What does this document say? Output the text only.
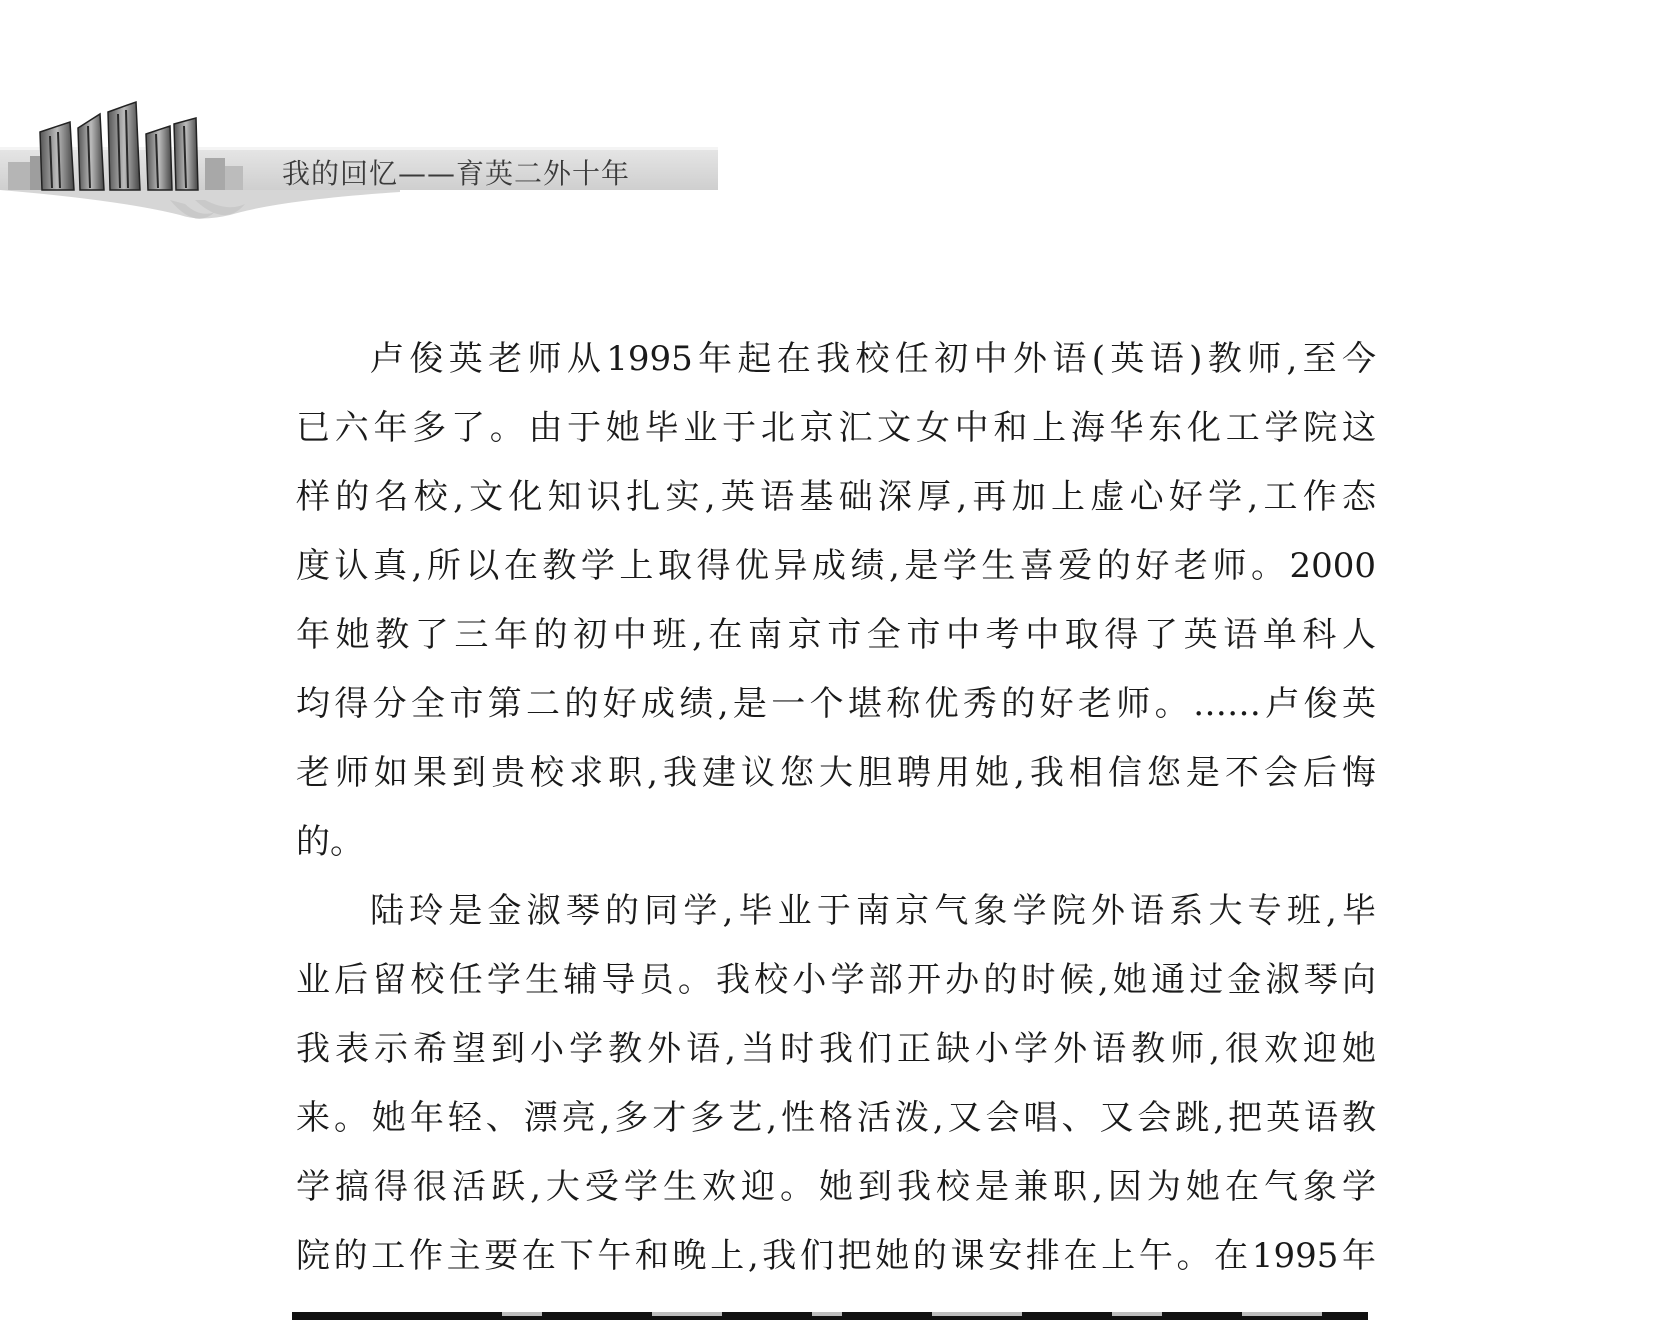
我的回忆——育英二外十年
卢俊英老师从1995年起在我校任初中外语(英语)教师,至今
已六年多了。由于她毕业于北京汇文女中和上海华东化工学院这
样的名校,文化知识扎实,英语基础深厚,再加上虚心好学,工作态
度认真,所以在教学上取得优异成绩,是学生喜爱的好老师。2000
年她教了三年的初中班,在南京市全市中考中取得了英语单科人
均得分全市第二的好成绩,是一个堪称优秀的好老师。……卢俊英
老师如果到贵校求职,我建议您大胆聘用她,我相信您是不会后悔
的。
陆玲是金淑琴的同学,毕业于南京气象学院外语系大专班,毕
业后留校任学生辅导员。我校小学部开办的时候,她通过金淑琴向
我表示希望到小学教外语,当时我们正缺小学外语教师,很欢迎她
来。她年轻、漂亮,多才多艺,性格活泼,又会唱、又会跳,把英语教
学搞得很活跃,大受学生欢迎。她到我校是兼职,因为她在气象学
院的工作主要在下午和晚上,我们把她的课安排在上午。在1995年
